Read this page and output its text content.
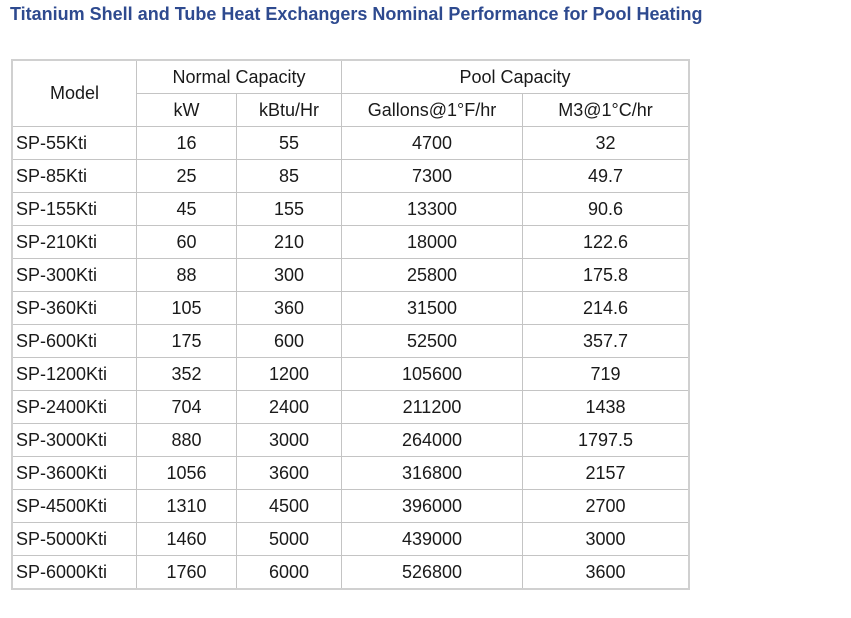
Titanium Shell and Tube Heat Exchangers Nominal Performance for Pool Heating
Model	Normal Capacity		Pool Capacity	
	kW	kBtu/Hr	Gallons@1°F/hr	M3@1°C/hr
SP-55Kti	16	55	4700	32
SP-85Kti	25	85	7300	49.7
SP-155Kti	45	155	13300	90.6
SP-210Kti	60	210	18000	122.6
SP-300Kti	88	300	25800	175.8
SP-360Kti	105	360	31500	214.6
SP-600Kti	175	600	52500	357.7
SP-1200Kti	352	1200	105600	719
SP-2400Kti	704	2400	211200	1438
SP-3000Kti	880	3000	264000	1797.5
SP-3600Kti	1056	3600	316800	2157
SP-4500Kti	1310	4500	396000	2700
SP-5000Kti	1460	5000	439000	3000
SP-6000Kti	1760	6000	526800	3600
